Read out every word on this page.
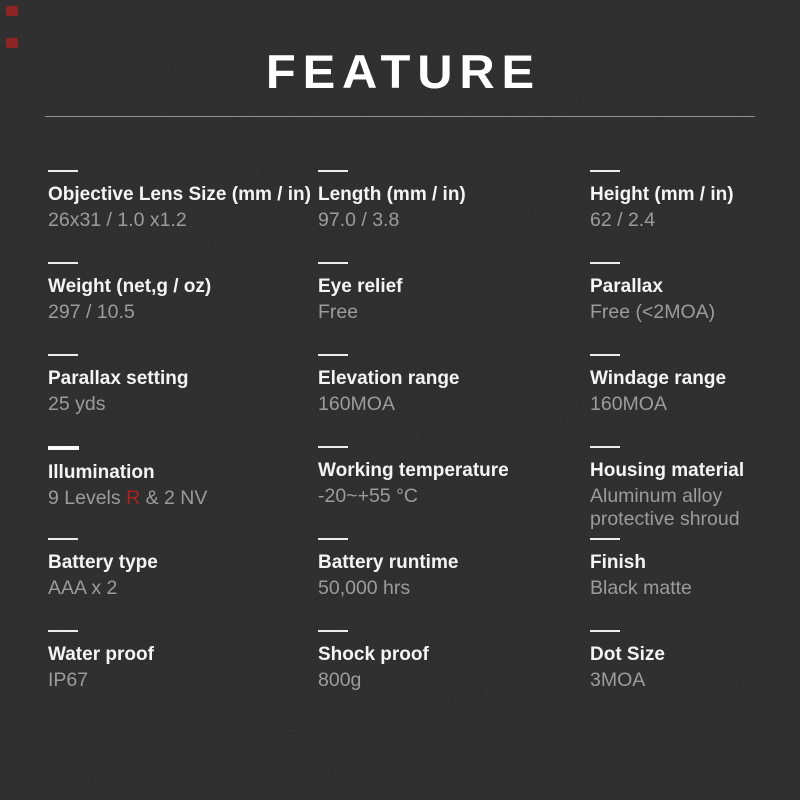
FEATURE
Objective Lens Size (mm / in)
26x31 / 1.0 x1.2
Length (mm / in)
97.0 / 3.8
Height (mm / in)
62 / 2.4
Weight (net,g / oz)
297 / 10.5
Eye relief
Free
Parallax
Free (<2MOA)
Parallax setting
25 yds
Elevation range
160MOA
Windage range
160MOA
Illumination
9 Levels R & 2 NV
Working temperature
-20~+55 °C
Housing material
Aluminum alloy protective shroud
Battery type
AAA x 2
Battery runtime
50,000 hrs
Finish
Black matte
Water proof
IP67
Shock proof
800g
Dot Size
3MOA
